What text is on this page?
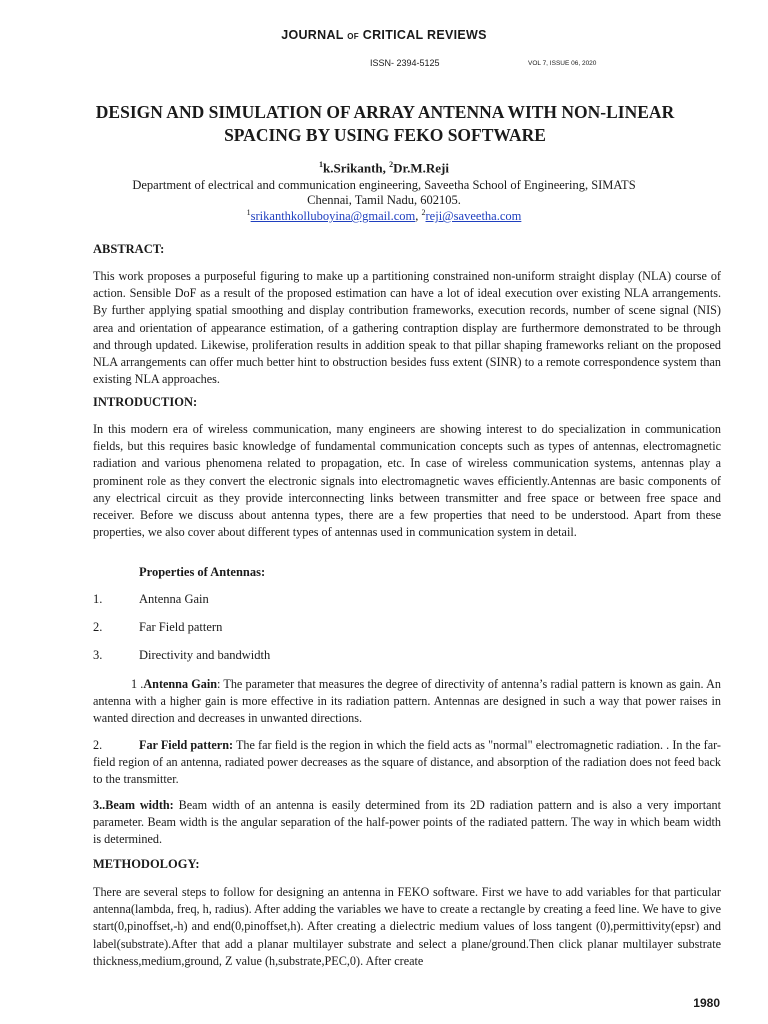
JOURNAL OF CRITICAL REVIEWS
ISSN- 2394-5125	VOL 7, ISSUE 06, 2020
DESIGN AND SIMULATION OF ARRAY ANTENNA WITH NON-LINEAR SPACING BY USING FEKO SOFTWARE
$^1$k.Srikanth, $^2$Dr.M.Reji
Department of electrical and communication engineering, Saveetha School of Engineering, SIMATS
Chennai, Tamil Nadu, 602105.
$^1$srikanthkolluboyina@gmail.com, $^2$reji@saveetha.com
ABSTRACT:
This work proposes a purposeful figuring to make up a partitioning constrained non-uniform straight display (NLA) course of action. Sensible DoF as a result of the proposed estimation can have a lot of ideal execution over existing NLA arrangements. By further applying spatial smoothing and display contribution frameworks, execution records, number of scene signal (NIS) area and orientation of appearance estimation, of a gathering contraption display are furthermore demonstrated to be through and through updated. Likewise, proliferation results in addition speak to that pillar shaping frameworks reliant on the proposed NLA arrangements can offer much better hint to obstruction besides fuss extent (SINR) to a remote correspondence system than existing NLA approaches.
INTRODUCTION:
In this modern era of wireless communication, many engineers are showing interest to do specialization in communication fields, but this requires basic knowledge of fundamental communication concepts such as types of antennas, electromagnetic radiation and various phenomena related to propagation, etc. In case of wireless communication systems, antennas play a prominent role as they convert the electronic signals into electromagnetic waves efficiently.Antennas are basic components of any electrical circuit as they provide interconnecting links between transmitter and free space or between free space and receiver. Before we discuss about antenna types, there are a few properties that need to be understood. Apart from these properties, we also cover about different types of antennas used in communication system in detail.
Properties of Antennas:
1.	Antenna Gain
2.	Far Field pattern
3.	Directivity and bandwidth
1 .Antenna Gain: The parameter that measures the degree of directivity of antenna’s radial pattern is known as gain. An antenna with a higher gain is more effective in its radiation pattern. Antennas are designed in such a way that power raises in wanted direction and decreases in unwanted directions.
2.	Far Field pattern: The far field is the region in which the field acts as "normal" electromagnetic radiation. . In the far-field region of an antenna, radiated power decreases as the square of distance, and absorption of the radiation does not feed back to the transmitter.
3..Beam width: Beam width of an antenna is easily determined from its 2D radiation pattern and is also a very important parameter. Beam width is the angular separation of the half-power points of the radiated pattern. The way in which beam width is determined.
METHODOLOGY:
There are several steps to follow for designing an antenna in FEKO software. First we have to add variables for that particular antenna(lambda, freq, h, radius). After adding the variables we have to create a rectangle by creating a feed line. We have to give start(0,pinoffset,-h) and end(0,pinoffset,h). After creating a dielectric medium values of loss tangent (0),permittivity(epsr) and label(substrate).After that add a planar multilayer substrate and select a plane/ground.Then click planar multilayer substrate thickness,medium,ground, Z value (h,substrate,PEC,0). After create
1980
